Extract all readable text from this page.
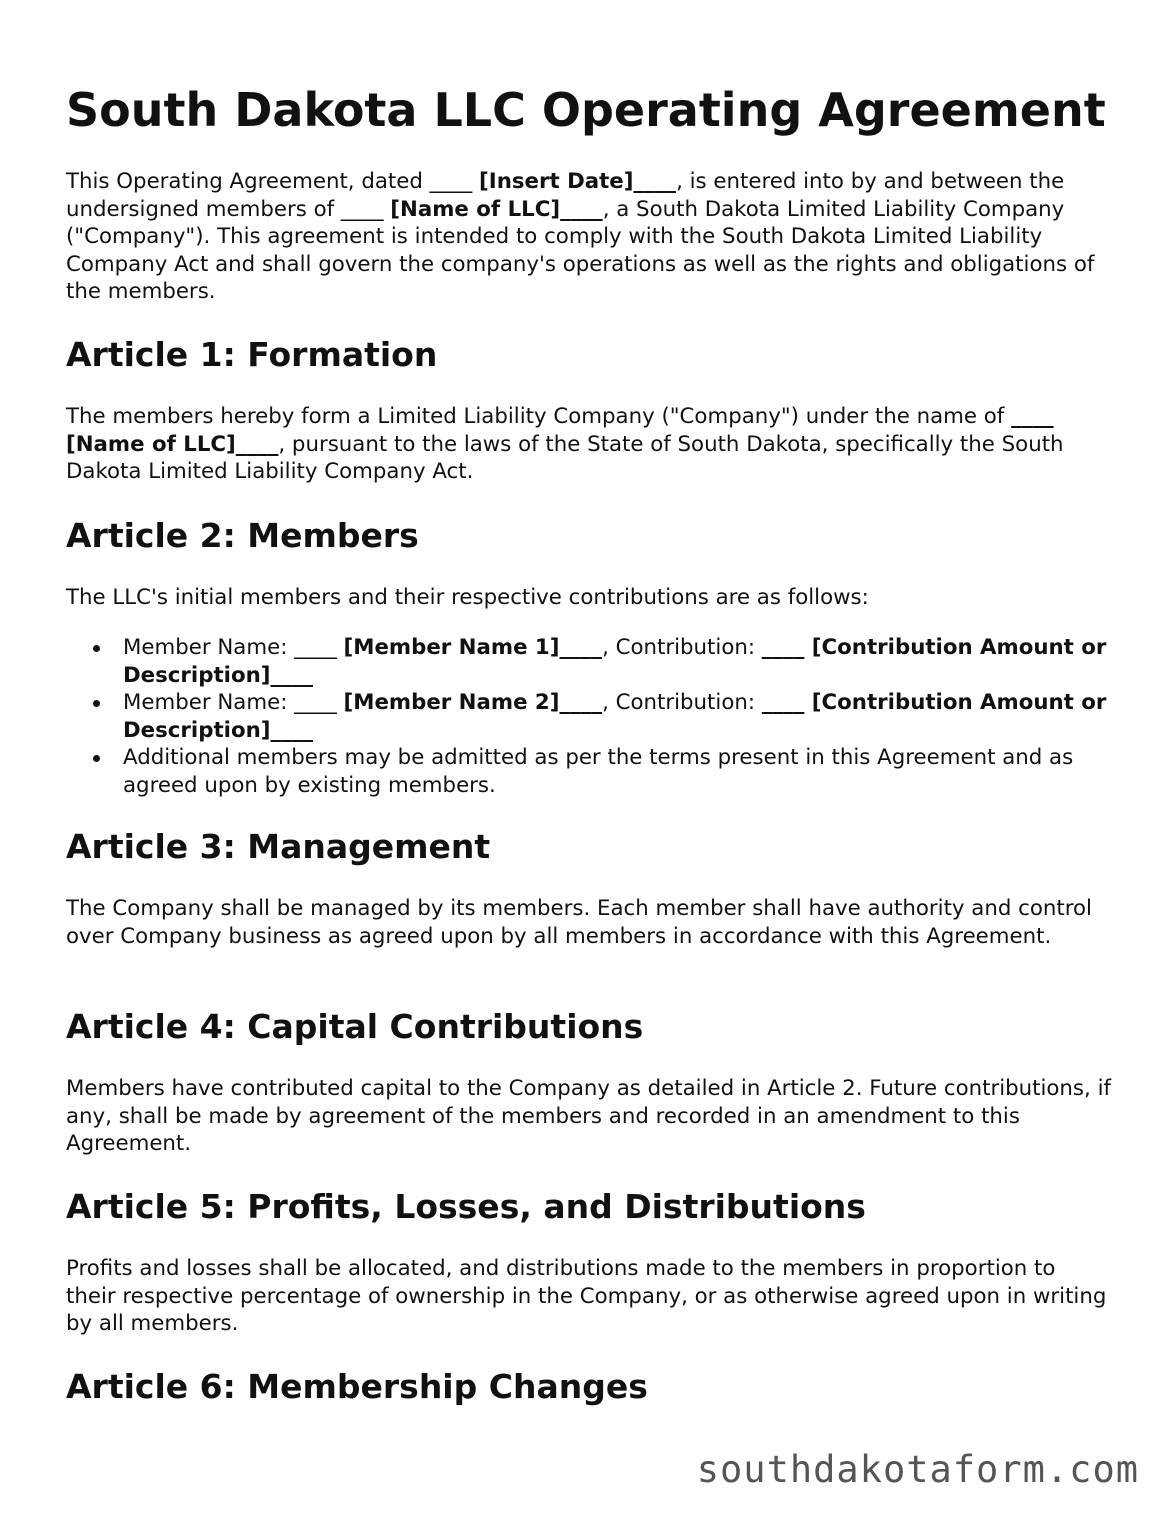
South Dakota LLC Operating Agreement

This Operating Agreement, dated ____ [Insert Date]____, is entered into by and between the undersigned members of ____ [Name of LLC]____, a South Dakota Limited Liability Company ("Company"). This agreement is intended to comply with the South Dakota Limited Liability Company Act and shall govern the company's operations as well as the rights and obligations of the members.

Article 1: Formation

The members hereby form a Limited Liability Company ("Company") under the name of ____ [Name of LLC]____, pursuant to the laws of the State of South Dakota, specifically the South Dakota Limited Liability Company Act.

Article 2: Members

The LLC's initial members and their respective contributions are as follows:

Member Name: ____ [Member Name 1]____, Contribution: ____ [Contribution Amount or Description]____
Member Name: ____ [Member Name 2]____, Contribution: ____ [Contribution Amount or Description]____
Additional members may be admitted as per the terms present in this Agreement and as agreed upon by existing members.
Article 3: Management

The Company shall be managed by its members. Each member shall have authority and control over Company business as agreed upon by all members in accordance with this Agreement.

Article 4: Capital Contributions

Members have contributed capital to the Company as detailed in Article 2. Future contributions, if any, shall be made by agreement of the members and recorded in an amendment to this Agreement.

Article 5: Profits, Losses, and Distributions

Profits and losses shall be allocated, and distributions made to the members in proportion to their respective percentage of ownership in the Company, or as otherwise agreed upon in writing by all members.

Article 6: Membership Changes
southdakotaform.com
